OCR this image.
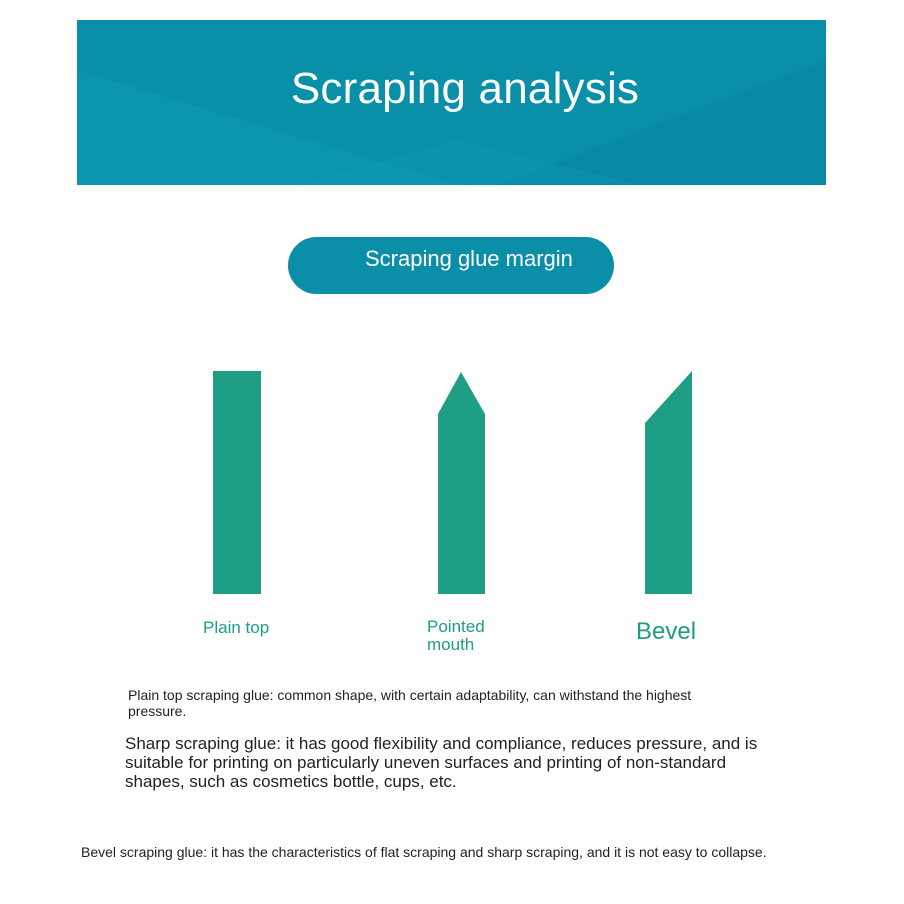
Scraping analysis
Scraping glue margin
Plain top	Pointed mouth	Bevel
Plain top scraping glue: common shape, with certain adaptability, can withstand the highest pressure.
Sharp scraping glue: it has good flexibility and compliance, reduces pressure, and is suitable for printing on particularly uneven surfaces and printing of non-standard shapes, such as cosmetics bottle, cups, etc.
Bevel scraping glue: it has the characteristics of flat scraping and sharp scraping, and it is not easy to collapse.
